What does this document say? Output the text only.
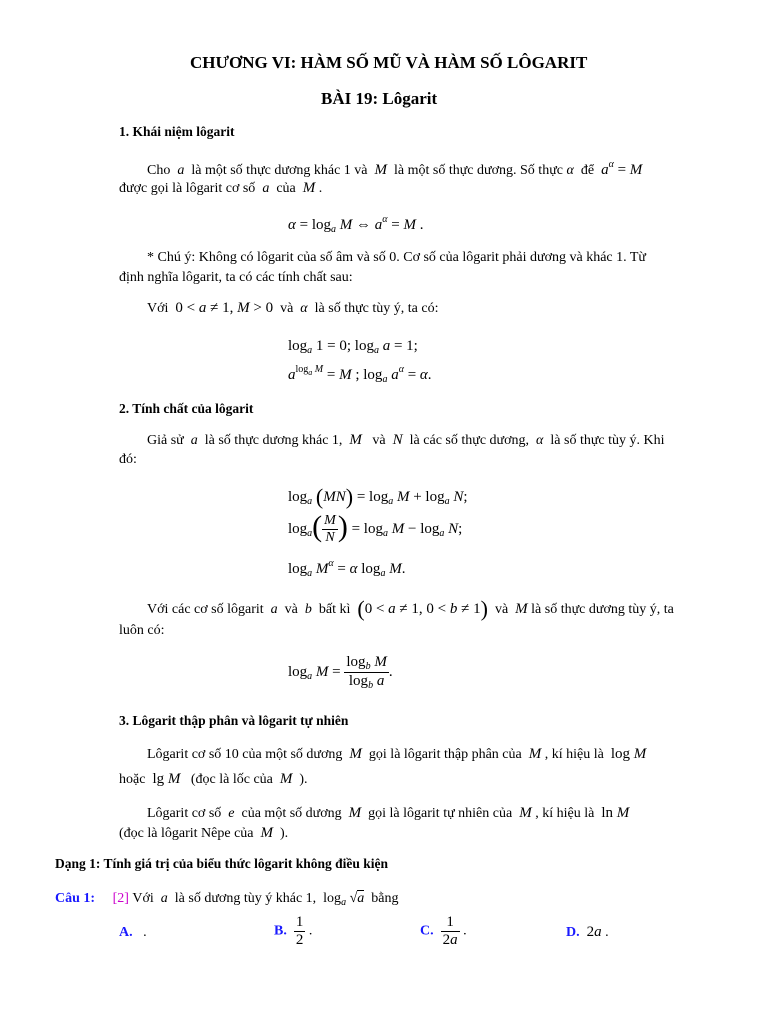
CHƯƠNG VI: HÀM SỐ MŨ VÀ HÀM SỐ LÔGARIT
BÀI 19: Lôgarit
1. Khái niệm lôgarit
Cho a là một số thực dương khác 1 và M là một số thực dương. Số thực α để $a^\alpha = M$
được gọi là lôgarit cơ số a của M .
$\alpha = \log_a M$ ⇔ $a^\alpha = M$ .
* Chú ý: Không có lôgarit của số âm và số 0. Cơ số của lôgarit phải dương và khác 1. Từ
định nghĩa lôgarit, ta có các tính chất sau:
Với 0 < a ≠ 1, M > 0 và α là số thực tùy ý, ta có:
$\log_a 1 = 0$; $\log_a a = 1$;
$a^{log_a M} = M$ ; $\log_a a^\alpha = \alpha$.
2. Tính chất của lôgarit
Giả sử a là số thực dương khác 1, M và N là các số thực dương, α là số thực tùy ý. Khi
đó:
$\log_a (MN) = \log_a M + \log_a N$;
$\log_a( \frac{M}{N}$ ) = $\log_a M - \log_a N$;
$\log_a M^\alpha = \alpha$ $\log_a M$.
Với các cơ số lôgarit a và b bất kì (0 < a ≠ 1, 0 < b ≠ 1) và M là số thực dương tùy ý, ta
luôn có:
$\log_a M = \frac{\log_b M}{\log_b a}$ .
3. Lôgarit thập phân và lôgarit tự nhiên
Lôgarit cơ số 10 của một số dương M gọi là lôgarit thập phân của M , kí hiệu là log M
hoặc lg M (đọc là lốc của M ).
Lôgarit cơ số e của một số dương M gọi là lôgarit tự nhiên của M , kí hiệu là ln M
(đọc là lôgarit Nêpe của M ).
Dạng 1: Tính giá trị của biểu thức lôgarit không điều kiện
Câu 1: [2] Với a là số dương tùy ý khác 1,  $\log_a √a$ bằng
A.   .	B. $\frac{1}{2}$ .	C. $\frac{1}{2a}$ .	D. 2a .
